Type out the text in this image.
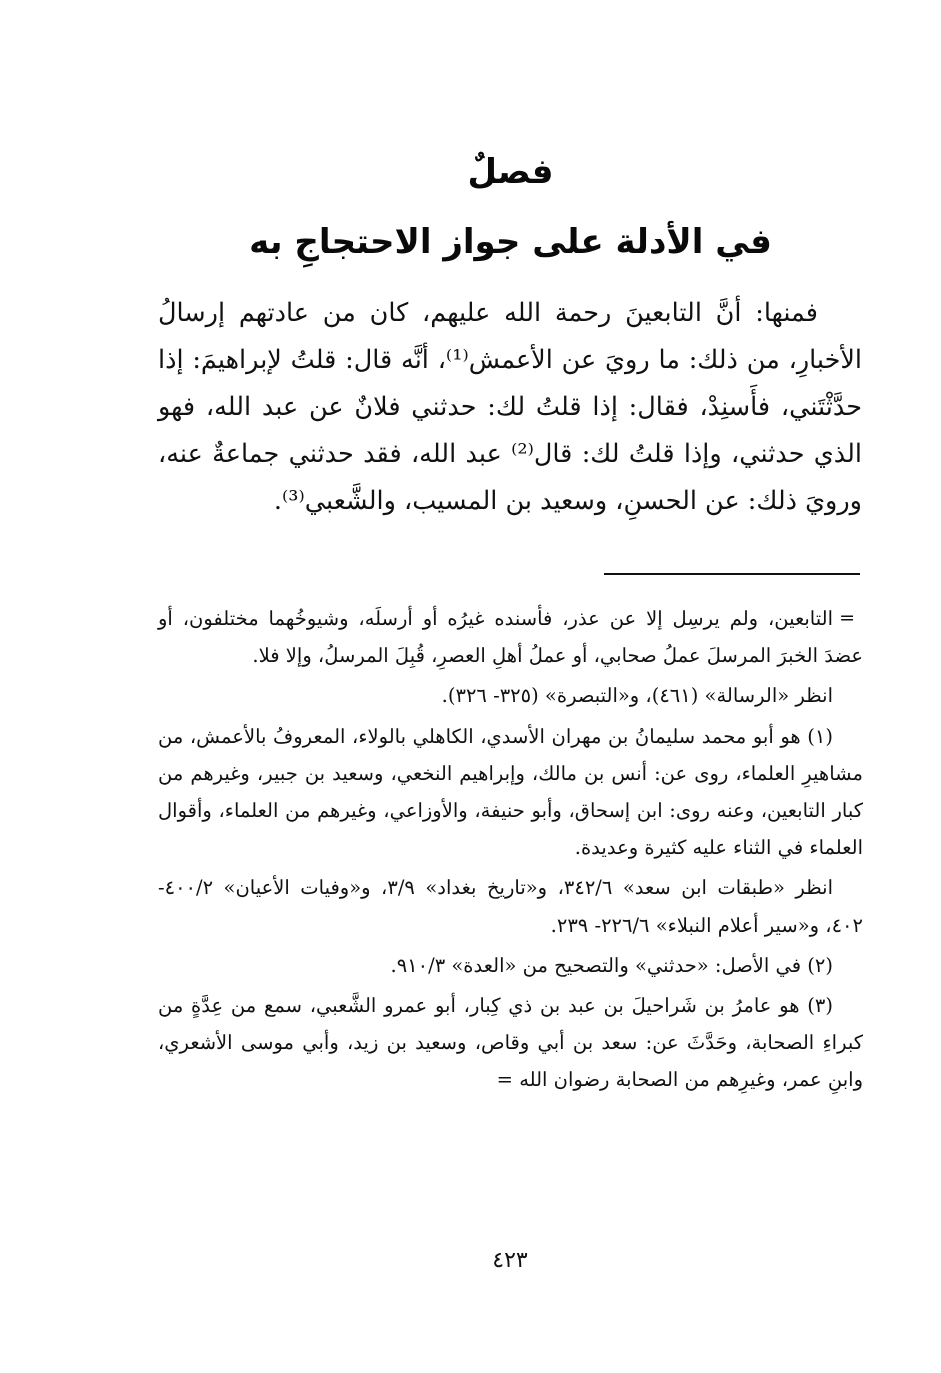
فصلٌ
في الأدلة على جواز الاحتجاجِ به

فمنها: أنَّ التابعينَ رحمة الله عليهم، كان من عادتهم إرسالُ الأخبارِ، من ذلك: ما رويَ عن الأعمش⁽¹⁾، أنَّه قال: قلتُ لإبراهيمَ: إذا حدَّثْتَني، فأَسنِدْ، فقال: إذا قلتُ لك: حدثني فلانٌ عن عبد الله، فهو الذي حدثني، وإذا قلتُ لك: قال⁽²⁾ عبد الله، فقد حدثني جماعةٌ عنه، ورويَ ذلك: عن الحسنِ، وسعيد بن المسيب، والشَّعبي⁽³⁾.

=
التابعين، ولم يرسِل إلا عن عذر، فأسنده غيرُه أو أرسلَه، وشيوخُهما مختلفون، أو عضدَ الخبرَ المرسلَ عملُ صحابي، أو عملُ أهلِ العصرِ، قُبِلَ المرسلُ، وإلا فلا.

انظر «الرسالة» (٤٦١)، و«التبصرة» (٣٢٥- ٣٢٦).

(١) هو أبو محمد سليمانُ بن مهران الأسدي، الكاهلي بالولاء، المعروفُ بالأعمش، من مشاهيرِ العلماء، روى عن: أنس بن مالك، وإبراهيم النخعي، وسعيد بن جبير، وغيرهم من كبار التابعين، وعنه روى: ابن إسحاق، وأبو حنيفة، والأوزاعي، وغيرهم من العلماء، وأقوال العلماء في الثناء عليه كثيرة وعديدة.

انظر «طبقات ابن سعد» ٣٤٢/٦، و«تاريخ بغداد» ٣/٩، و«وفيات الأعيان» ٤٠٠/٢- ٤٠٢، و«سير أعلام النبلاء» ٢٢٦/٦- ٢٣٩.

(٢) في الأصل: «حدثني» والتصحيح من «العدة» ٩١٠/٣.

(٣) هو عامرُ بن شَراحيلَ بن عبد بن ذي كِبار، أبو عمرو الشَّعبي، سمع من عِدَّةٍ من كبراءِ الصحابة، وحَدَّثَ عن: سعد بن أبي وقاص، وسعيد بن زيد، وأبي موسى الأشعري، وابنِ عمر، وغيرِهم من الصحابة رضوان الله =

٤٢٣
